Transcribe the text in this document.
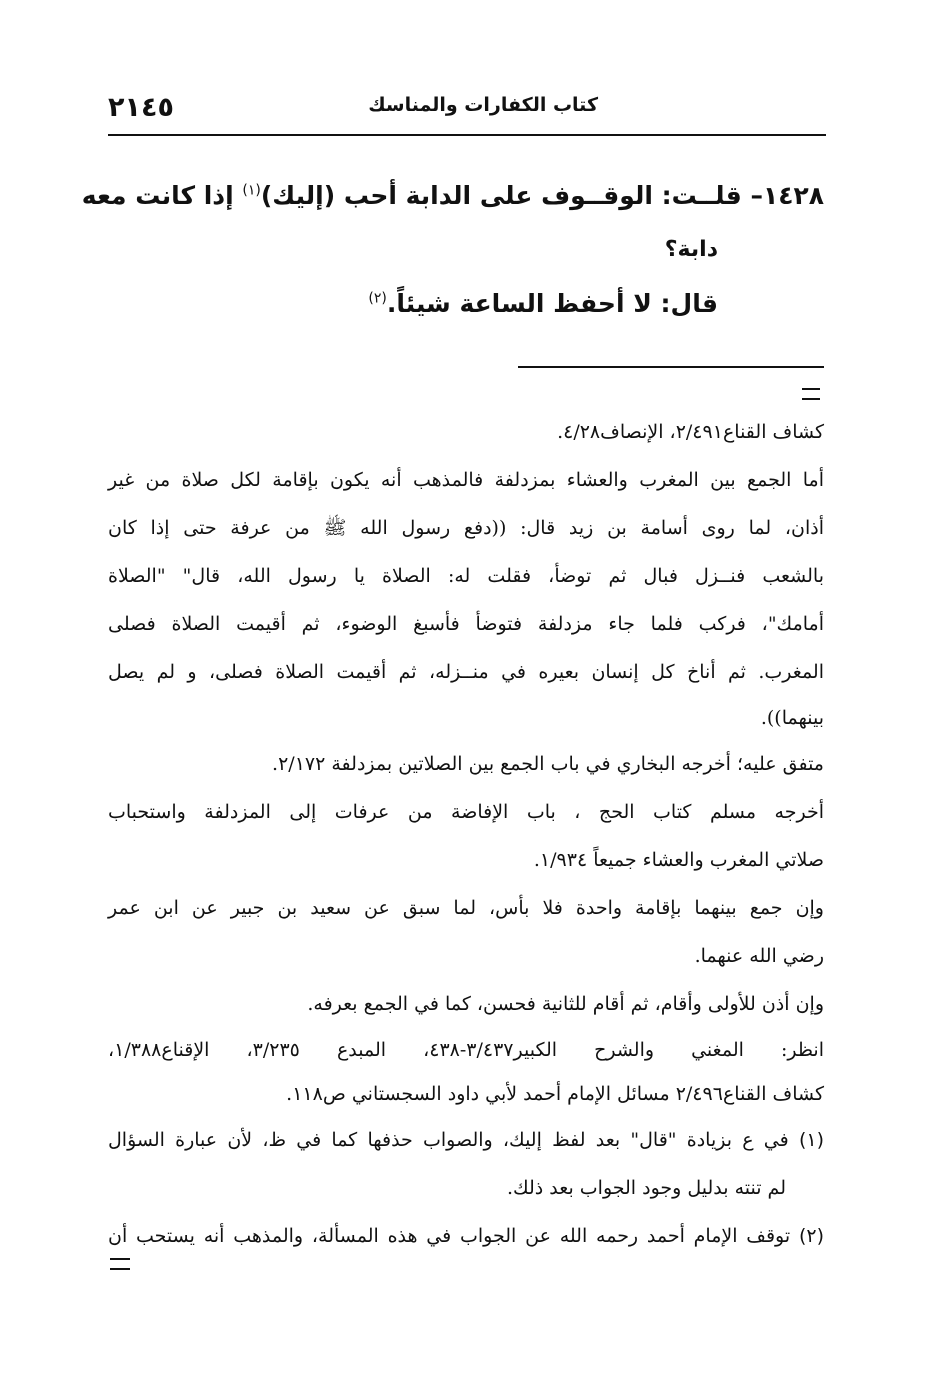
٢١٤٥	كتاب الكفارات والمناسك
١٤٢٨– قلــت: الوقــوف على الدابة أحب (إليك)$^{(١)}$ إذا كانت معه
دابة؟
قال: لا أحفظ الساعة شيئاً.$^{(٢)}$

كشاف القناع٢/٤٩١، الإنصاف٤/٢٨.

أما الجمع بين المغرب والعشاء بمزدلفة فالمذهب أنه يكون بإقامة لكل صلاة من غير

أذان، لما روى أسامة بن زيد قال: ((دفع رسول الله ﷺ من عرفة حتى إذا كان

بالشعب فنــزل فبال ثم توضأ، فقلت له: الصلاة يا رسول الله، قال" "الصلاة

أمامك"، فركب فلما جاء مزدلفة فتوضأ فأسبغ الوضوء، ثم أقيمت الصلاة فصلى

المغرب. ثم أناخ كل إنسان بعيره في منــزله، ثم أقيمت الصلاة فصلى، و لم يصل

بينهما)).

متفق عليه؛ أخرجه البخاري في باب الجمع بين الصلاتين بمزدلفة ٢/١٧٢.

أخرجه مسلم كتاب الحج ، باب الإفاضة من عرفات إلى المزدلفة واستحباب

صلاتي المغرب والعشاء جميعاً ١/٩٣٤.

وإن جمع بينهما بإقامة واحدة فلا بأس، لما سبق عن سعيد بن جبير عن ابن عمر

رضي الله عنهما.

وإن أذن للأولى وأقام، ثم أقام للثانية فحسن، كما في الجمع بعرفه.

انظر: المغني والشرح الكبير٣/٤٣٧-٤٣٨، المبدع ٣/٢٣٥، الإقناع١/٣٨٨،

كشاف القناع٢/٤٩٦ مسائل الإمام أحمد لأبي داود السجستاني ص١١٨.

(١) في ع بزيادة "قال" بعد لفظ إليك، والصواب حذفها كما في ظ، لأن عبارة السؤال
لم تنته بدليل وجود الجواب بعد ذلك.
(٢) توقف الإمام أحمد رحمه الله عن الجواب في هذه المسألة، والمذهب أنه يستحب أن
